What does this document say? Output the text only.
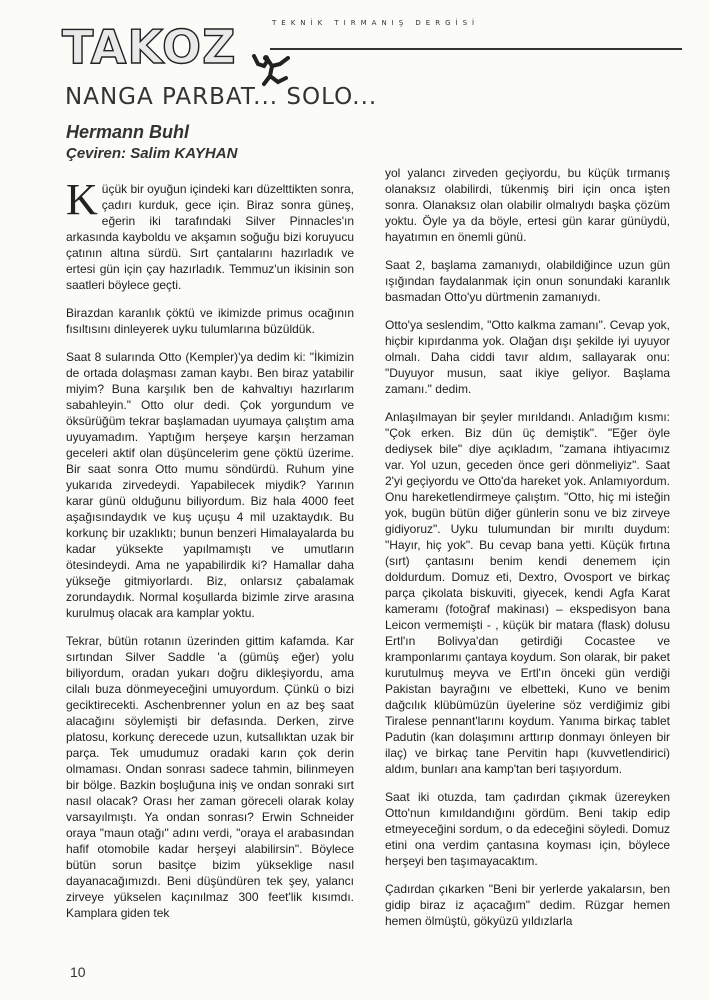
TAKOZ	TEKNİK TIRMANIŞ DERGİSİ
NANGA PARBAT... SOLO...
Hermann Buhl
Çeviren: Salim KAYHAN

Küçük bir oyuğun içindeki karı düzelttikten sonra, çadırı kurduk, gece için. Biraz sonra güneş, eğerin iki tarafındaki Silver Pinnacles'ın arkasında kayboldu ve akşamın soğuğu bizi koruyucu çatının altına sürdü. Sırt çantalarını hazırladık ve ertesi gün için çay hazırladık. Temmuz'un ikisinin son saatleri böylece geçti.

Birazdan karanlık çöktü ve ikimizde primus ocağının fısıltısını dinleyerek uyku tulumlarına büzüldük.

Saat 8 sularında Otto (Kempler)'ya dedim ki: "İkimizin de ortada dolaşması zaman kaybı. Ben biraz yatabilir miyim? Buna karşılık ben de kahvaltıyı hazırlarım sabahleyin." Otto olur dedi. Çok yorgundum ve öksürüğüm tekrar başlamadan uyumaya çalıştım ama uyuyamadım. Yaptığım herşeye karşın herzaman geceleri aktif olan düşüncelerim gene çöktü üzerime. Bir saat sonra Otto mumu söndürdü. Ruhum yine yukarıda zirvedeydi. Yapabilecek miydik? Yarının karar günü olduğunu biliyordum. Biz hala 4000 feet aşağısındaydık ve kuş uçuşu 4 mil uzaktaydık. Bu korkunç bir uzaklıktı; bunun benzeri Himalayalarda bu kadar yüksekte yapılmamıştı ve umutların ötesindeydi. Ama ne yapabilirdik ki? Hamallar daha yükseğe gitmiyorlardı. Biz, onlarsız çabalamak zorundaydık. Normal koşullarda bizimle zirve arasına kurulmuş olacak ara kamplar yoktu.

Tekrar, bütün rotanın üzerinden gittim kafamda. Kar sırtından Silver Saddle 'a (gümüş eğer) yolu biliyordum, oradan yukarı doğru dikleşiyordu, ama cilalı buza dönmeyeceğini umuyordum. Çünkü o bizi geciktirecekti. Aschenbrenner yolun en az beş saat alacağını söylemişti bir defasında. Derken, zirve platosu, korkunç derecede uzun, kutsallıktan uzak bir parça. Tek umudumuz oradaki karın çok derin olmaması. Ondan sonrası sadece tahmin, bilinmeyen bir bölge. Bazkin boşluğuna iniş ve ondan sonraki sırt nasıl olacak? Orası her zaman göreceli olarak kolay varsayılmıştı. Ya ondan sonrası? Erwin Schneider oraya "maun otağı" adını verdi, "oraya el arabasından hafif otomobile kadar herşeyi alabilirsin". Böylece bütün sorun basitçe bizim yükseklige nasıl dayanacağımızdı. Beni düşündüren tek şey, yalancı zirveye yükselen kaçınılmaz 300 feet'lik kısımdı. Kamplara giden tek

yol yalancı zirveden geçiyordu, bu küçük tırmanış olanaksız olabilirdi, tükenmiş biri için onca işten sonra. Olanaksız olan olabilir olmalıydı başka çözüm yoktu. Öyle ya da böyle, ertesi gün karar günüydü, hayatımın en önemli günü.

Saat 2, başlama zamanıydı, olabildiğince uzun gün ışığından faydalanmak için onun sonundaki karanlık basmadan Otto'yu dürtmenin zamanıydı.

Otto'ya seslendim, "Otto kalkma zamanı". Cevap yok, hiçbir kıpırdanma yok. Olağan dışı şekilde iyi uyuyor olmalı. Daha ciddi tavır aldım, sallayarak onu: "Duyuyor musun, saat ikiye geliyor. Başlama zamanı." dedim.

Anlaşılmayan bir şeyler mırıldandı. Anladığım kısmı: "Çok erken. Biz dün üç demiştik". "Eğer öyle dediysek bile" diye açıkladım, "zamana ihtiyacımız var. Yol uzun, geceden önce geri dönmeliyiz". Saat 2'yi geçiyordu ve Otto'da hareket yok. Anlamıyordum. Onu hareketlendirmeye çalıştım. "Otto, hiç mi isteğin yok, bugün bütün diğer günlerin sonu ve biz zirveye gidiyoruz". Uyku tulumundan bir mırıltı duydum: "Hayır, hiç yok". Bu cevap bana yetti. Küçük fırtına (sırt) çantasını benim kendi denemem için doldurdum. Domuz eti, Dextro, Ovosport ve birkaç parça çikolata biskuviti, giyecek, kendi Agfa Karat kameramı (fotoğraf makinası) – ekspedisyon bana Leicon vermemişti - , küçük bir matara (flask) dolusu Ertl'ın Bolivya'dan getirdiği Cocastee ve kramponlarımı çantaya koydum. Son olarak, bir paket kurutulmuş meyva ve Ertl'ın önceki gün verdiği Pakistan bayrağını ve elbetteki, Kuno ve benim dağcılık klübümüzün üyelerine söz verdiğimiz gibi Tiralese pennant'larını koydum. Yanıma birkaç tablet Padutin (kan dolaşımını arttırıp donmayı önleyen bir ilaç) ve birkaç tane Pervitin hapı (kuvvetlendirici) aldım, bunları ana kamp'tan beri taşıyordum.

Saat iki otuzda, tam çadırdan çıkmak üzereyken Otto'nun kımıldandığını gördüm. Beni takip edip etmeyeceğini sordum, o da edeceğini söyledi. Domuz etini ona verdim çantasına koyması için, böylece herşeyi ben taşımayacaktım.

Çadırdan çıkarken "Beni bir yerlerde yakalarsın, ben gidip biraz iz açacağım" dedim. Rüzgar hemen hemen ölmüştü, gökyüzü yıldızlarla

10
